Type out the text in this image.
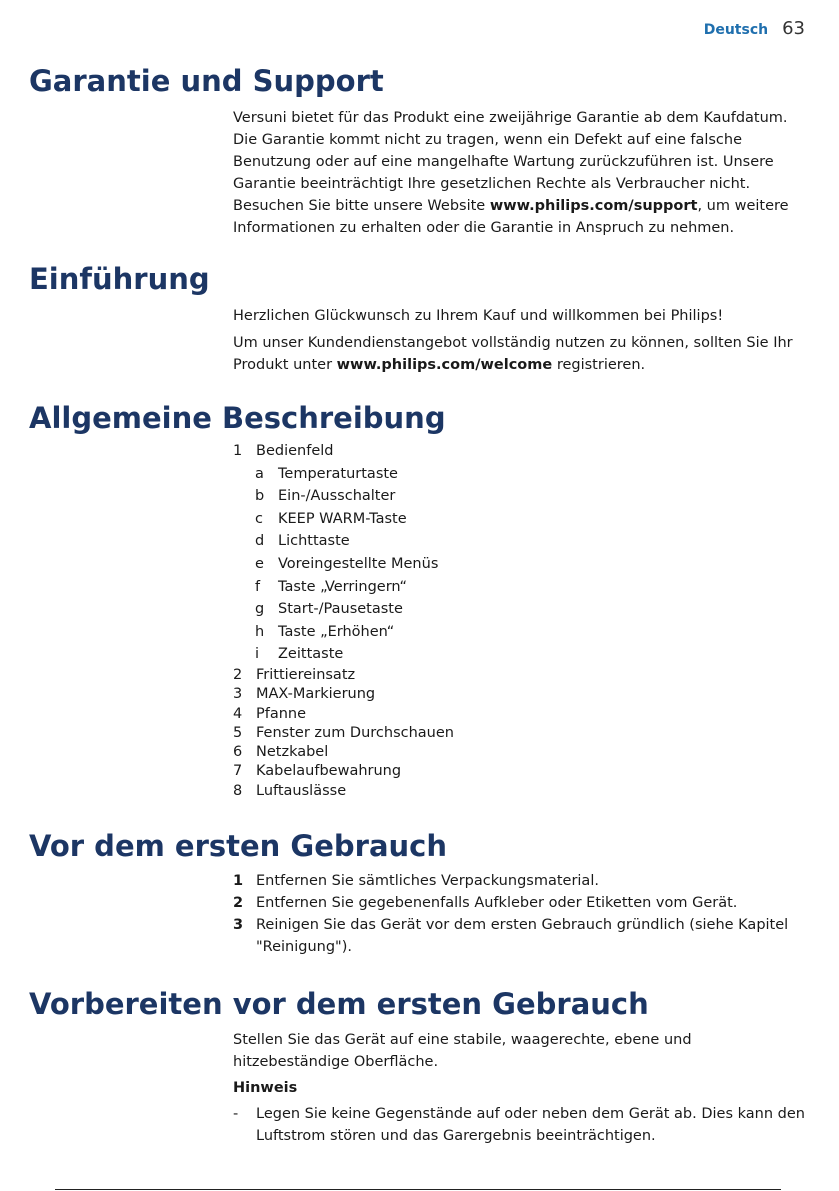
Deutsch 63
Garantie und Support

Versuni bietet für das Produkt eine zweijährige Garantie ab dem Kaufdatum. Die Garantie kommt nicht zu tragen, wenn ein Defekt auf eine falsche Benutzung oder auf eine mangelhafte Wartung zurückzuführen ist. Unsere Garantie beeinträchtigt Ihre gesetzlichen Rechte als Verbraucher nicht. Besuchen Sie bitte unsere Website www.philips.com/support, um weitere Informationen zu erhalten oder die Garantie in Anspruch zu nehmen.

Einführung

Herzlichen Glückwunsch zu Ihrem Kauf und willkommen bei Philips!

Um unser Kundendienstangebot vollständig nutzen zu können, sollten Sie Ihr Produkt unter www.philips.com/welcome registrieren.

Allgemeine Beschreibung
1 Bedienfeld
a Temperaturtaste
b Ein-/Ausschalter
c	KEEP WARM-Taste
d Lichttaste
e Voreingestellte Menüs
f	Taste „Verringern“
g Start-/Pausetaste
h Taste „Erhöhen“
i	Zeittaste
2 Frittiereinsatz
3 MAX-Markierung
4 Pfanne
5 Fenster zum Durchschauen
6 Netzkabel
7 Kabelaufbewahrung
8 Luftauslässe
Vor dem ersten Gebrauch
1 Entfernen Sie sämtliches Verpackungsmaterial.
2 Entfernen Sie gegebenenfalls Aufkleber oder Etiketten vom Gerät.
3 Reinigen Sie das Gerät vor dem ersten Gebrauch gründlich (siehe Kapitel "Reinigung").
Vorbereiten vor dem ersten Gebrauch

Stellen Sie das Gerät auf eine stabile, waagerechte, ebene und hitzebeständige Oberfläche.

Hinweis

-	Legen Sie keine Gegenstände auf oder neben dem Gerät ab. Dies kann den Luftstrom stören und das Garergebnis beeinträchtigen.
